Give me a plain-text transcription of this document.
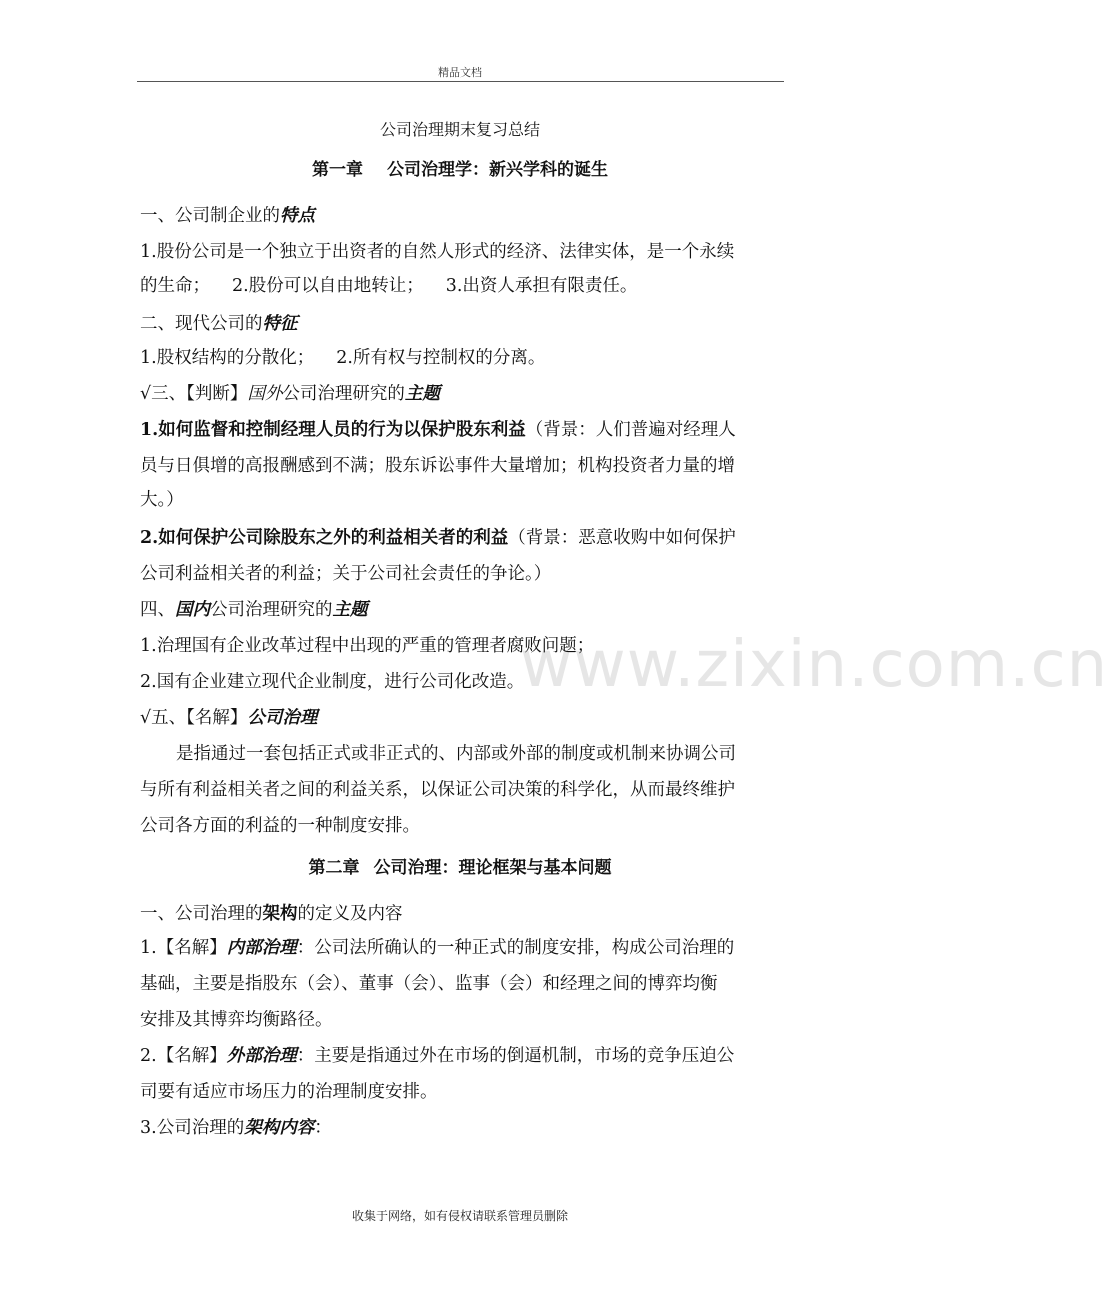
精品文档
www.zixin.com.cn
公司治理期末复习总结
第一章 公司治理学：新兴学科的诞生
一、公司制企业的特点
1.股份公司是一个独立于出资者的自然人形式的经济、法律实体，是一个永续
的生命； 2.股份可以自由地转让； 3.出资人承担有限责任。
二、现代公司的特征
1.股权结构的分散化； 2.所有权与控制权的分离。
√三、【判断】国外公司治理研究的主题
1.如何监督和控制经理人员的行为以保护股东利益（背景：人们普遍对经理人
员与日俱增的高报酬感到不满；股东诉讼事件大量增加；机构投资者力量的增
大。）
2.如何保护公司除股东之外的利益相关者的利益（背景：恶意收购中如何保护
公司利益相关者的利益；关于公司社会责任的争论。）
四、国内公司治理研究的主题
1.治理国有企业改革过程中出现的严重的管理者腐败问题；
2.国有企业建立现代企业制度，进行公司化改造。
√五、【名解】公司治理
是指通过一套包括正式或非正式的、内部或外部的制度或机制来协调公司
与所有利益相关者之间的利益关系，以保证公司决策的科学化，从而最终维护
公司各方面的利益的一种制度安排。
第二章 公司治理：理论框架与基本问题
一、公司治理的架构的定义及内容
1.【名解】内部治理：公司法所确认的一种正式的制度安排，构成公司治理的
基础，主要是指股东（会）、董事（会）、监事（会）和经理之间的博弈均衡
安排及其博弈均衡路径。
2.【名解】外部治理：主要是指通过外在市场的倒逼机制，市场的竞争压迫公
司要有适应市场压力的治理制度安排。
3.公司治理的架构内容：
收集于网络，如有侵权请联系管理员删除
